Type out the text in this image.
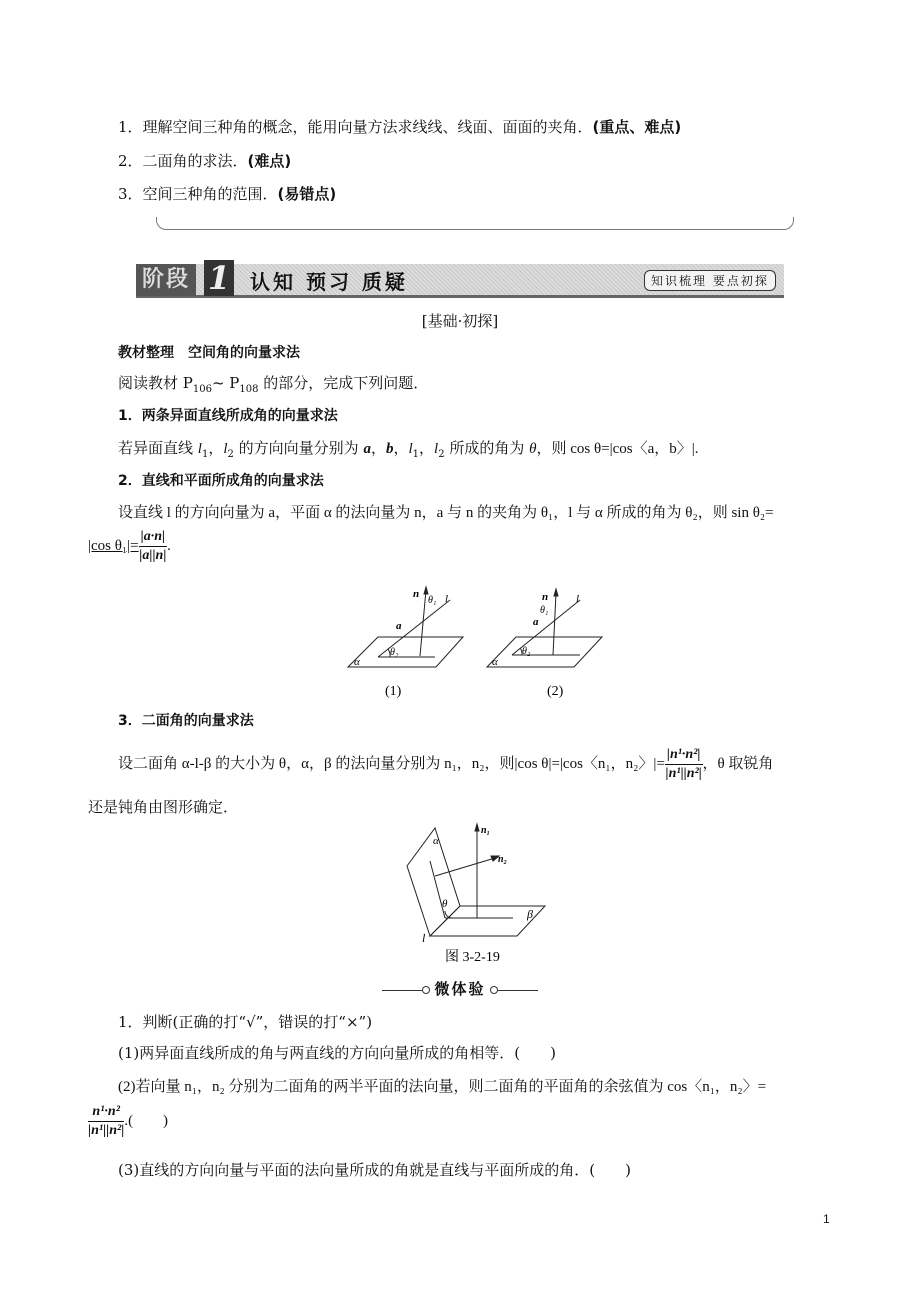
1．理解空间三种角的概念，能用向量方法求线线、线面、面面的夹角．(重点、难点)
2．二面角的求法．(难点)
3．空间三种角的范围．(易错点)
阶段 1 认知 预习 质疑	知识梳理 要点初探
[基础·初探]
教材整理　空间角的向量求法
阅读教材 $P_{106}\sim$ $P_{108}$ 的部分，完成下列问题．
1．两条异面直线所成角的向量求法
若异面直线 $l_1$，$l_2$ 的方向向量分别为 a，b，$l_1$，$l_2$ 所成的角为 θ，则 cos θ=|cos〈a，b〉|.
2．直线和平面所成角的向量求法
设直线 l 的方向向量为 a，平面 α 的法向量为 n，a 与 n 的夹角为 θ₁，l 与 α 所成的角为 θ₂，则 sin θ₂=
|cos $\theta_1|= \frac{|a\cdot n|}{|a||n|}$ .
n
θ₁ l
a
θ₂
α
(1)
n
θ₁
l
a
θ₂
α
(2)
3．二面角的向量求法
设二面角 α-l-β 的大小为 θ，α，β 的法向量分别为 n₁，n₂，则|cos θ|=|cos〈n₁，n₂〉|= $\frac{\text{|n¹·n²|}}{\text{|n¹||n²|}}$ ，θ 取锐角
还是钝角由图形确定．
n₁
n₂
α
β
θ
l
图 3-2-19
微体验
1．判断(正确的打“√”，错误的打“×”)
(1)两异面直线所成的角与两直线的方向向量所成的角相等．(　　)
(2)若向量 n₁，n₂ 分别为二面角的两半平面的法向量，则二面角的平面角的余弦值为 cos〈n₁，n₂〉=
$\frac{\text{n¹·n²}}{\text{|n¹||n²|}}$ .(　　)
(3)直线的方向向量与平面的法向量所成的角就是直线与平面所成的角．(　　)
1
